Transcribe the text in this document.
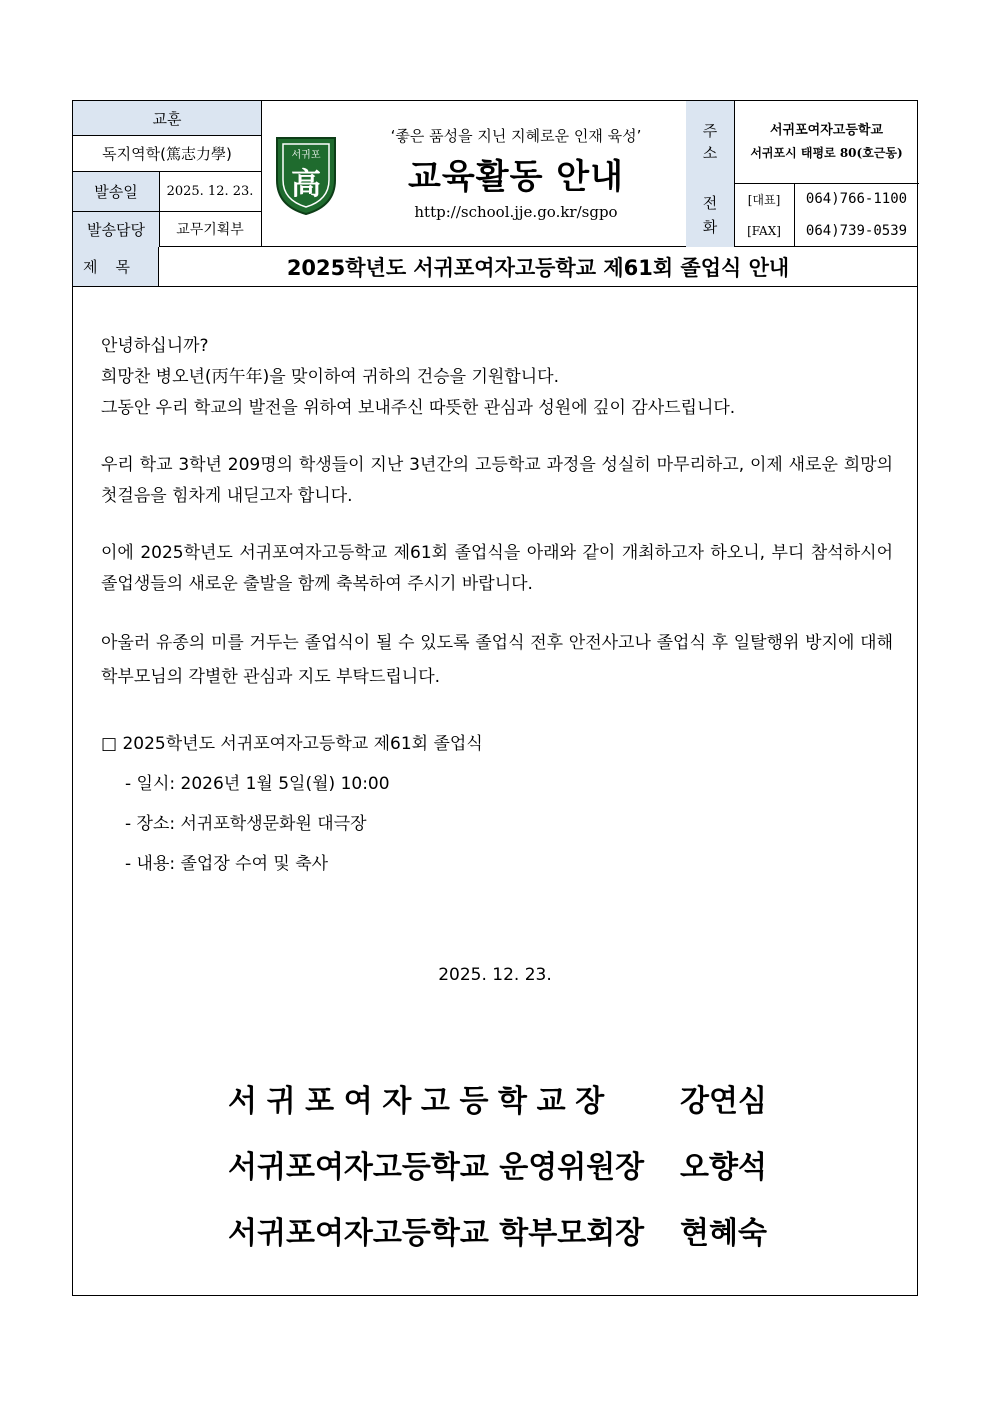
교훈
독지역학(篤志力學)
발송일	2025. 12. 23.
발송담당	교무기획부
서귀포
高
‘좋은 품성을 지닌 지혜로운 인재 육성’
교육활동 안내
http://school.jje.go.kr/sgpo
주
소
서귀포여자고등학교
서귀포시 태평로 80(호근동)
전
화
[대표]	064)766-1100
[FAX]	064)739-0539
제목	2025학년도 서귀포여자고등학교 제61회 졸업식 안내

안녕하십니까?

희망찬 병오년(丙午年)을 맞이하여 귀하의 건승을 기원합니다.

그동안 우리 학교의 발전을 위하여 보내주신 따뜻한 관심과 성원에 깊이 감사드립니다.

우리 학교 3학년 209명의 학생들이 지난 3년간의 고등학교 과정을 성실히 마무리하고, 이제 새로운 희망의 첫걸음을 힘차게 내딛고자 합니다.

이에 2025학년도 서귀포여자고등학교 제61회 졸업식을 아래와 같이 개최하고자 하오니, 부디 참석하시어 졸업생들의 새로운 출발을 함께 축복하여 주시기 바랍니다.

아울러 유종의 미를 거두는 졸업식이 될 수 있도록 졸업식 전후 안전사고나 졸업식 후 일탈행위 방지에 대해 학부모님의 각별한 관심과 지도 부탁드립니다.

□ 2025학년도 서귀포여자고등학교 제61회 졸업식
- 일시: 2026년 1월 5일(월) 10:00
- 장소: 서귀포학생문화원 대극장
- 내용: 졸업장 수여 및 축사
2025. 12. 23.
서귀포여자고등학교장	강연심
서귀포여자고등학교 운영위원장 오향석
서귀포여자고등학교 학부모회장 현혜숙
